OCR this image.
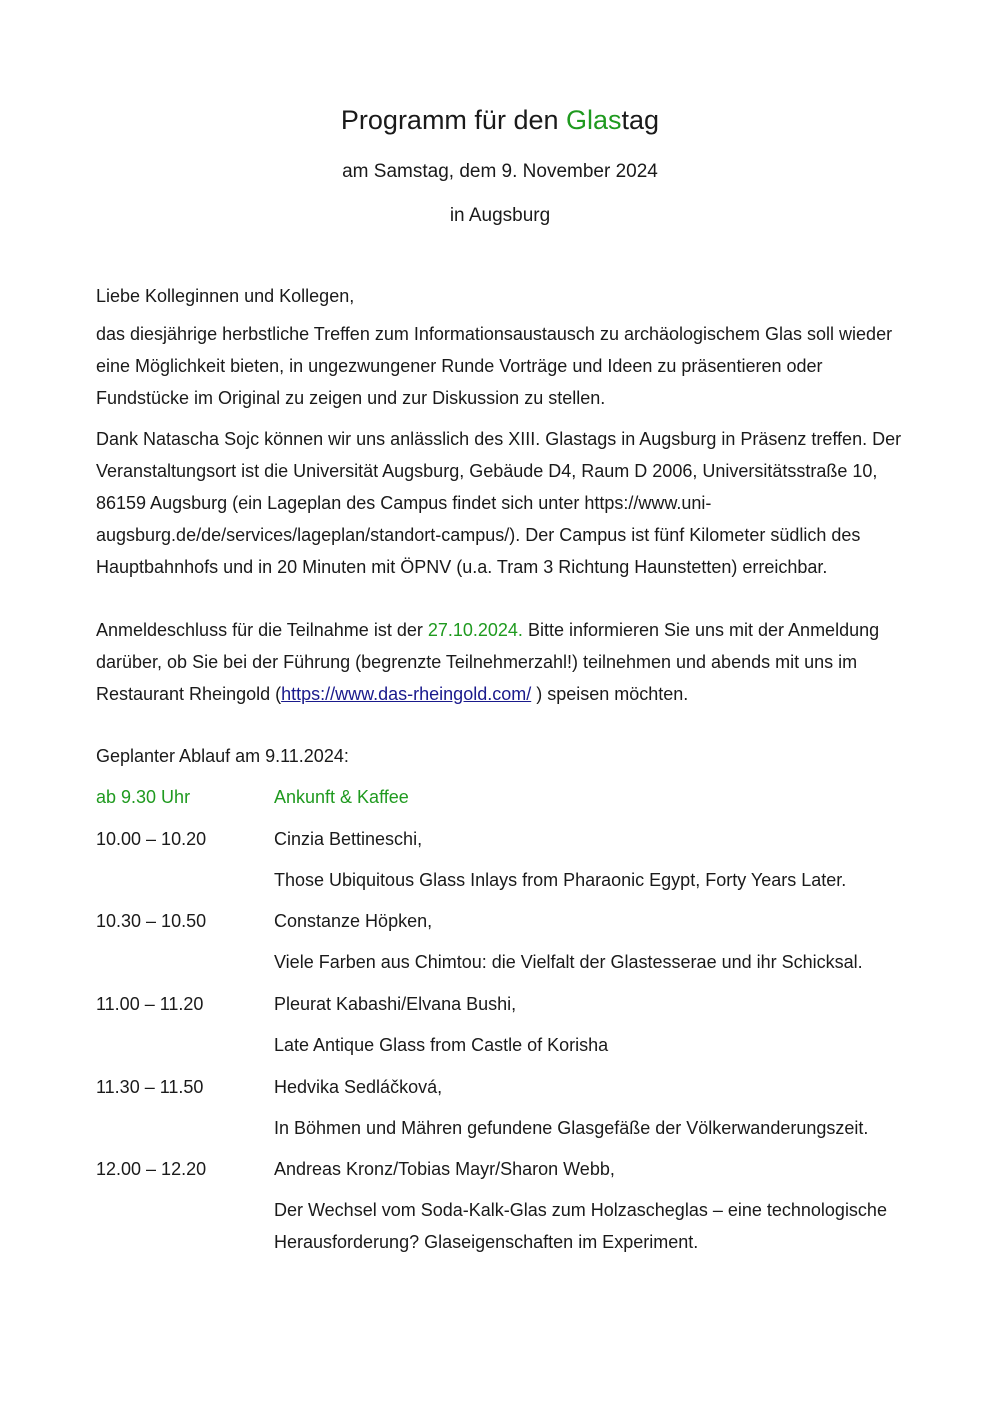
Programm für den Glastag
am Samstag, dem 9. November 2024
in Augsburg
Liebe Kolleginnen und Kollegen,
das diesjährige herbstliche Treffen zum Informationsaustausch zu archäologischem Glas soll wieder eine Möglichkeit bieten, in ungezwungener Runde Vorträge und Ideen zu präsentieren oder Fundstücke im Original zu zeigen und zur Diskussion zu stellen.
Dank Natascha Sojc können wir uns anlässlich des XIII. Glastags in Augsburg in Präsenz treffen. Der Veranstaltungsort ist die Universität Augsburg, Gebäude D4, Raum D 2006, Universitätsstraße 10, 86159 Augsburg (ein Lageplan des Campus findet sich unter https://www.uni-augsburg.de/de/services/lageplan/standort-campus/). Der Campus ist fünf Kilometer südlich des Hauptbahnhofs und in 20 Minuten mit ÖPNV (u.a. Tram 3 Richtung Haunstetten) erreichbar.
Anmeldeschluss für die Teilnahme ist der 27.10.2024. Bitte informieren Sie uns mit der Anmeldung darüber, ob Sie bei der Führung (begrenzte Teilnehmerzahl!) teilnehmen und abends mit uns im Restaurant Rheingold (https://www.das-rheingold.com/ ) speisen möchten.
Geplanter Ablauf am 9.11.2024:
ab 9.30 Uhr	Ankunft & Kaffee
10.00 – 10.20	Cinzia Bettineschi,
Those Ubiquitous Glass Inlays from Pharaonic Egypt, Forty Years Later.
10.30 – 10.50	Constanze Höpken,
Viele Farben aus Chimtou: die Vielfalt der Glastesserae und ihr Schicksal.
11.00 – 11.20	Pleurat Kabashi/Elvana Bushi,
Late Antique Glass from Castle of Korisha
11.30 – 11.50	Hedvika Sedláčková,
In Böhmen und Mähren gefundene Glasgefäße der Völkerwanderungszeit.
12.00 – 12.20	Andreas Kronz/Tobias Mayr/Sharon Webb,
Der Wechsel vom Soda-Kalk-Glas zum Holzascheglas – eine technologische Herausforderung? Glaseigenschaften im Experiment.
